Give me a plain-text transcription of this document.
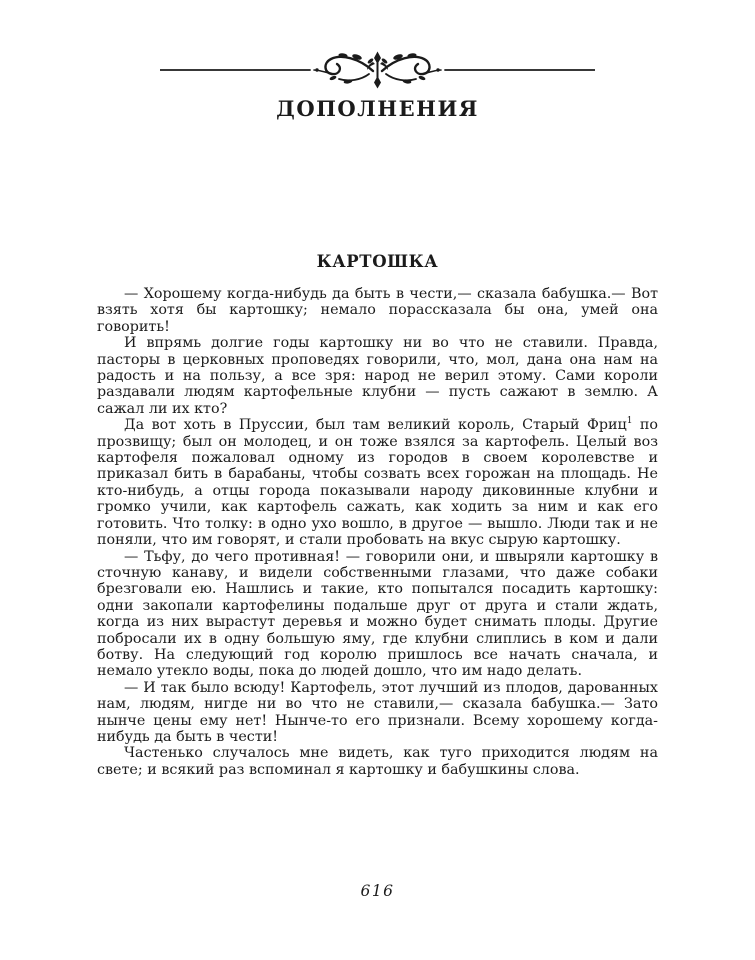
ДОПОЛНЕНИЯ
КАРТОШКА

— Хорошему когда-нибудь да быть в чести,— сказала бабушка.— Вот взять хотя бы картошку; немало порассказала бы она, умей она говорить!

И впрямь долгие годы картошку ни во что не ставили. Правда, пасторы в церковных проповедях говорили, что, мол, дана она нам на радость и на пользу, а все зря: народ не верил этому. Сами короли раздавали людям картофельные клубни — пусть сажают в землю. А сажал ли их кто?

Да вот хоть в Пруссии, был там великий король, Старый Фриц$^1$ по прозвищу; был он молодец, и он тоже взялся за картофель. Целый воз картофеля пожаловал одному из городов в своем королевстве и приказал бить в барабаны, чтобы созвать всех горожан на площадь. Не кто-нибудь, а отцы города показывали народу диковинные клубни и громко учили, как картофель сажать, как ходить за ним и как его готовить. Что толку: в одно ухо вошло, в другое — вышло. Люди так и не поняли, что им говорят, и стали пробовать на вкус сырую картошку.

— Тьфу, до чего противная! — говорили они, и швыряли картошку в сточную канаву, и видели собственными глазами, что даже собаки брезговали ею. Нашлись и такие, кто попытался посадить картошку: одни закопали картофелины подальше друг от друга и стали ждать, когда из них вырастут деревья и можно будет снимать плоды. Другие побросали их в одну большую яму, где клубни слиплись в ком и дали ботву. На следующий год королю пришлось все начать сначала, и немало утекло воды, пока до людей дошло, что им надо делать.

— И так было всюду! Картофель, этот лучший из плодов, дарованных нам, людям, нигде ни во что не ставили,— сказала бабушка.— Зато нынче цены ему нет! Нынче-то его признали. Всему хорошему когда-нибудь да быть в чести!

Частенько случалось мне видеть, как туго приходится людям на свете; и всякий раз вспоминал я картошку и бабушкины слова.

616
